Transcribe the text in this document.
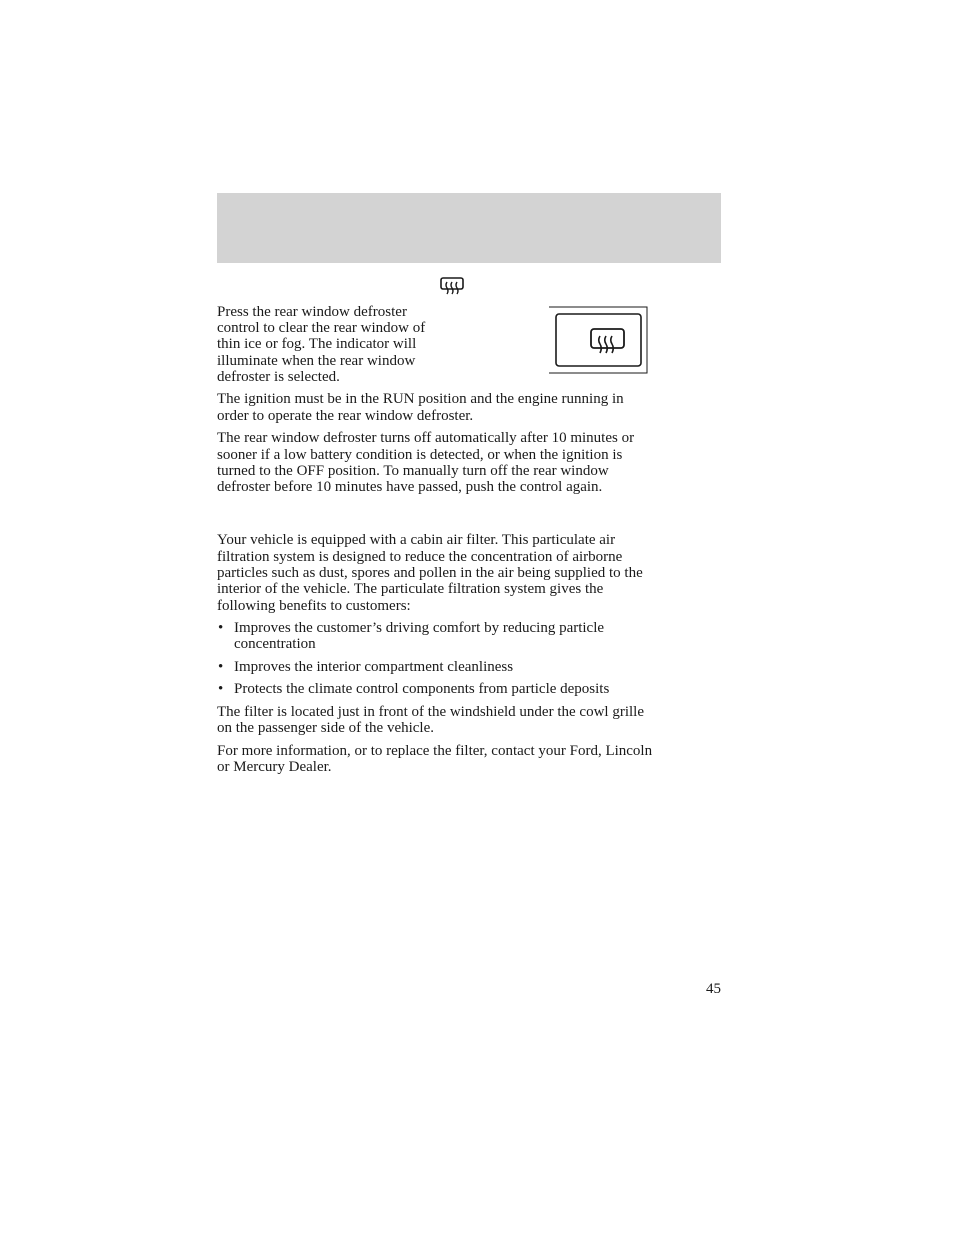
Press the rear window defroster
control to clear the rear window of
thin ice or fog. The indicator will
illuminate when the rear window
defroster is selected.
The ignition must be in the RUN position and the engine running in
order to operate the rear window defroster.
The rear window defroster turns off automatically after 10 minutes or
sooner if a low battery condition is detected, or when the ignition is
turned to the OFF position. To manually turn off the rear window
defroster before 10 minutes have passed, push the control again.
Your vehicle is equipped with a cabin air filter. This particulate air
filtration system is designed to reduce the concentration of airborne
particles such as dust, spores and pollen in the air being supplied to the
interior of the vehicle. The particulate filtration system gives the
following benefits to customers:
• Improves the customer’s driving comfort by reducing particle
concentration
• Improves the interior compartment cleanliness
• Protects the climate control components from particle deposits
The filter is located just in front of the windshield under the cowl grille
on the passenger side of the vehicle.
For more information, or to replace the filter, contact your Ford, Lincoln
or Mercury Dealer.
45
